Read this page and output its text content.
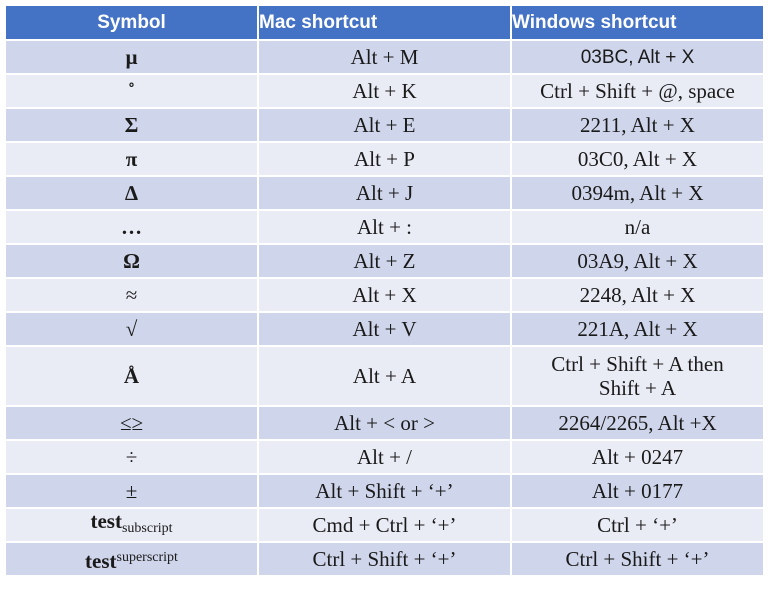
Symbol	Mac shortcut	Windows shortcut
µ	Alt + M	03BC, Alt + X
˚	Alt + K	Ctrl + Shift + @, space
Σ	Alt + E	2211, Alt + X
π	Alt + P	03C0, Alt + X
∆	Alt + J	0394m, Alt + X
…	Alt + :	n/a
Ω	Alt + Z	03A9, Alt + X
≈	Alt + X	2248, Alt + X
√	Alt + V	221A, Alt + X
Å	Alt + A	Ctrl + Shift + A then
Shift + A

≤≥	Alt + < or >	2264/2265, Alt +X
÷	Alt + /	Alt + 0247
±	Alt + Shift + ‘+’	Alt + 0177
test$_{subscript}$	Cmd + Ctrl + ‘+’	Ctrl + ‘+’
test$^{superscript}$	Ctrl + Shift + ‘+’	Ctrl + Shift + ‘+’
